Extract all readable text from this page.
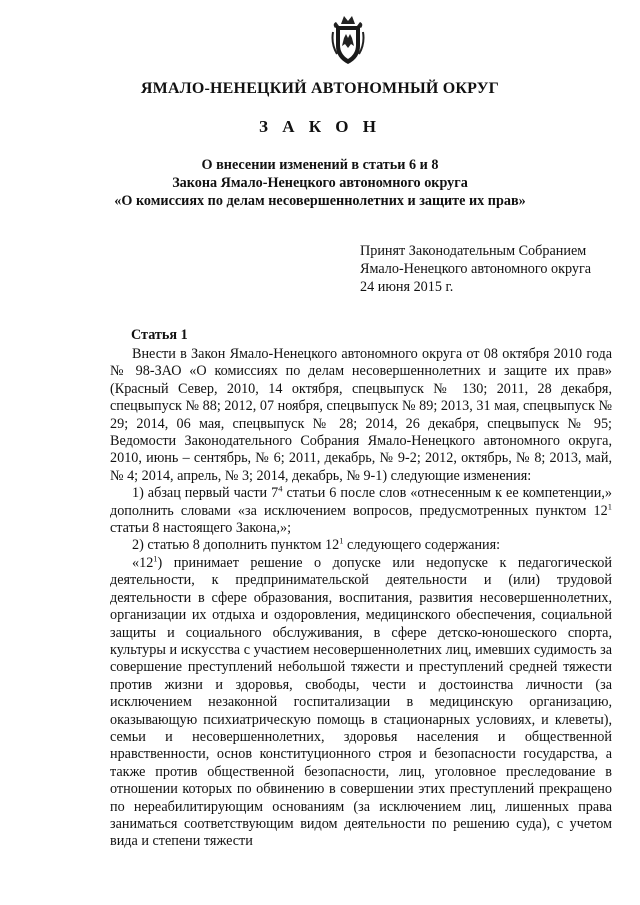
ЯМАЛО-НЕНЕЦКИЙ АВТОНОМНЫЙ ОКРУГ
З А К О Н
О внесении изменений в статьи 6 и 8
Закона Ямало-Ненецкого автономного округа
«О комиссиях по делам несовершеннолетних и защите их прав»
Принят Законодательным Собранием
Ямало-Ненецкого автономного округа
24 июня 2015 г.
Статья 1

Внести в Закон Ямало-Ненецкого автономного округа от 08 октября 2010 года № 98-ЗАО «О комиссиях по делам несовершеннолетних и защите их прав» (Красный Север, 2010, 14 октября, спецвыпуск № 130; 2011, 28 декабря, спецвыпуск № 88; 2012, 07 ноября, спецвыпуск № 89; 2013, 31 мая, спецвыпуск № 29; 2014, 06 мая, спецвыпуск № 28; 2014, 26 декабря, спецвыпуск № 95; Ведомости Законодательного Собрания Ямало-Ненецкого автономного округа, 2010, июнь – сентябрь, № 6; 2011, декабрь, № 9-2; 2012, октябрь, № 8; 2013, май, № 4; 2014, апрель, № 3; 2014, декабрь, № 9-1) следующие изменения:

1) абзац первый части $7^4$ статьи 6 после слов «отнесенным к ее компетенции,» дополнить словами «за исключением вопросов, предусмотренных пунктом $12^1$ статьи 8 настоящего Закона,»;

2) статью 8 дополнить пунктом $12^1$ следующего содержания:

«$12^1$) принимает решение о допуске или недопуске к педагогической деятельности, к предпринимательской деятельности и (или) трудовой деятельности в сфере образования, воспитания, развития несовершеннолетних, организации их отдыха и оздоровления, медицинского обеспечения, социальной защиты и социального обслуживания, в сфере детско-юношеского спорта, культуры и искусства с участием несовершеннолетних лиц, имевших судимость за совершение преступлений небольшой тяжести и преступлений средней тяжести против жизни и здоровья, свободы, чести и достоинства личности (за исключением незаконной госпитализации в медицинскую организацию, оказывающую психиатрическую помощь в стационарных условиях, и клеветы), семьи и несовершеннолетних, здоровья населения и общественной нравственности, основ конституционного строя и безопасности государства, а также против общественной безопасности, лиц, уголовное преследование в отношении которых по обвинению в совершении этих преступлений прекращено по нереабилитирующим основаниям (за исключением лиц, лишенных права заниматься соответствующим видом деятельности по решению суда), с учетом вида и степени тяжести
